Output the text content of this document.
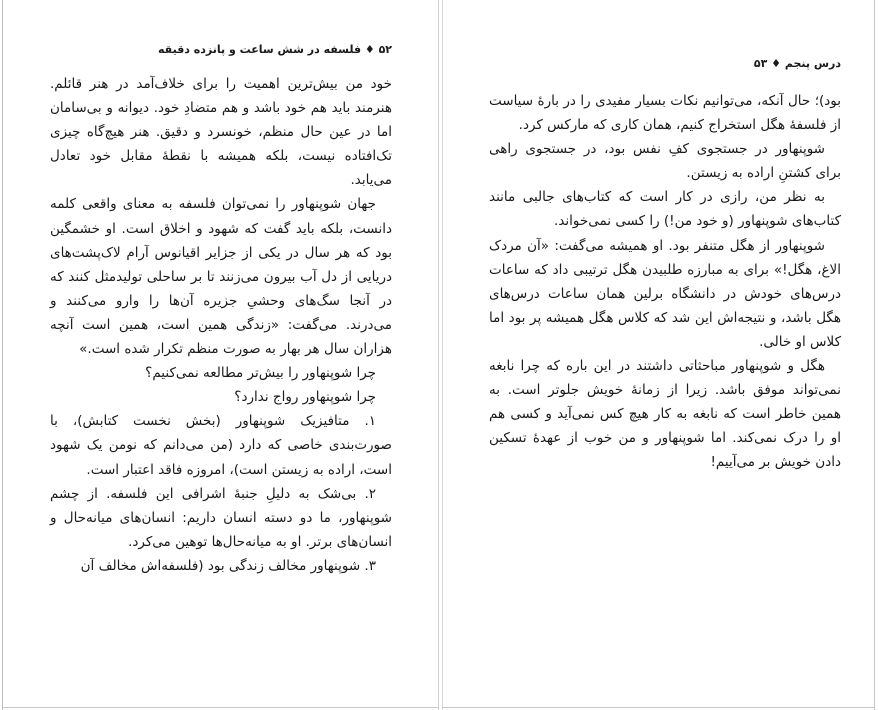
۵۲ ♦ فلسفه در شش ساعت و پانزده دقیقه

خود من بیش‌ترین اهمیت را برای خلاف‌آمد در هنر قائلم. هنرمند باید هم خود باشد و هم متضادِ خود. دیوانه و بی‌سامان اما در عین حال منظم، خونسرد و دقیق. هنر هیچ‌گاه چیزی تک‌افتاده نیست، بلکه همیشه با نقطهٔ مقابل خود تعادل می‌یابد.

جهان شوپنهاور را نمی‌توان فلسفه به معنای واقعی کلمه دانست، بلکه باید گفت که شهود و اخلاق است. او خشمگین بود که هر سال در یکی از جزایر اقیانوس آرام لاک‌پشت‌های دریایی از دل آب بیرون می‌زنند تا بر ساحلی تولیدمثل کنند که در آنجا سگ‌های وحشیِ جزیره آن‌ها را وارو می‌کنند و می‌درند. می‌گفت: «زندگی همین است، همین است آنچه هزاران سال هر بهار به صورت منظم تکرار شده است.»

چرا شوپنهاور را بیش‌تر مطالعه نمی‌کنیم؟

چرا شوپنهاور رواج ندارد؟

۱. متافیزیک شوپنهاور (بخش نخست کتابش)، با صورت‌بندی خاصی که دارد (من می‌دانم که نومن یک شهود است، اراده به زیستن است)، امروزه فاقد اعتبار است.

۲. بی‌شک به دلیلِ جنبهٔ اشرافی این فلسفه. از چشم شوپنهاور، ما دو دسته انسان داریم: انسان‌های میانه‌حال و انسان‌های برتر. او به میانه‌حال‌ها توهین می‌کرد.

۳. شوپنهاور مخالف زندگی بود (فلسفه‌اش مخالف آن

درس پنجم ♦ ۵۳

بود)؛ حال آنکه، می‌توانیم نکات بسیار مفیدی را در بارهٔ سیاست از فلسفهٔ هگل استخراج کنیم، همان کاری که مارکس کرد.

شوپنهاور در جستجوی کفِ نفس بود، در جستجوی راهی برای کشتنِ اراده به زیستن.

به نظر من، رازی در کار است که کتاب‌های جالبی مانند کتاب‌های شوپنهاور (و خود من!) را کسی نمی‌خواند.

شوپنهاور از هگل متنفر بود. او همیشه می‌گفت: «آن مردک الاغ، هگل!» برای به مبارزه طلبیدن هگل ترتیبی داد که ساعات درس‌های خودش در دانشگاه برلین همان ساعات درس‌های هگل باشد، و نتیجه‌اش این شد که کلاس هگل همیشه پر بود اما کلاس او خالی.

هگل و شوپنهاور مباحثاتی داشتند در این باره که چرا نابغه نمی‌تواند موفق باشد. زیرا از زمانهٔ خویش جلوتر است. به همین خاطر است که نابغه به کار هیچ کس نمی‌آید و کسی هم او را درک نمی‌کند. اما شوپنهاور و من خوب از عهدهٔ تسکین دادن خویش بر می‌آییم!
